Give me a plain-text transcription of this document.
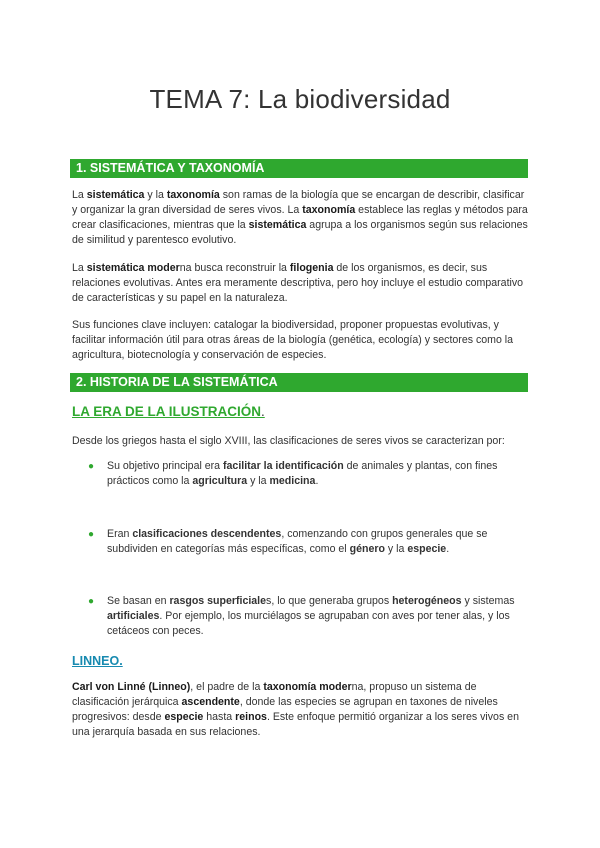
TEMA 7: La biodiversidad
1. SISTEMÁTICA Y TAXONOMÍA

La sistemática y la taxonomía son ramas de la biología que se encargan de describir, clasificar y organizar la gran diversidad de seres vivos. La taxonomía establece las reglas y métodos para crear clasificaciones, mientras que la sistemática agrupa a los organismos según sus relaciones de similitud y parentesco evolutivo.

La sistemática moderna busca reconstruir la filogenia de los organismos, es decir, sus relaciones evolutivas. Antes era meramente descriptiva, pero hoy incluye el estudio comparativo de características y su papel en la naturaleza.

Sus funciones clave incluyen: catalogar la biodiversidad, proponer propuestas evolutivas, y facilitar información útil para otras áreas de la biología (genética, ecología) y sectores como la agricultura, biotecnología y conservación de especies.

2. HISTORIA DE LA SISTEMÁTICA
LA ERA DE LA ILUSTRACIÓN.

Desde los griegos hasta el siglo XVIII, las clasificaciones de seres vivos se caracterizan por:

● Su objetivo principal era facilitar la identificación de animales y plantas, con fines prácticos como la agricultura y la medicina.

● Eran clasificaciones descendentes, comenzando con grupos generales que se subdividen en categorías más específicas, como el género y la especie.

● Se basan en rasgos superficiales, lo que generaba grupos heterogéneos y sistemas artificiales. Por ejemplo, los murciélagos se agrupaban con aves por tener alas, y los cetáceos con peces.

LINNEO.

Carl von Linné (Linneo), el padre de la taxonomía moderna, propuso un sistema de clasificación jerárquica ascendente, donde las especies se agrupan en taxones de niveles progresivos: desde especie hasta reinos. Este enfoque permitió organizar a los seres vivos en una jerarquía basada en sus relaciones.
